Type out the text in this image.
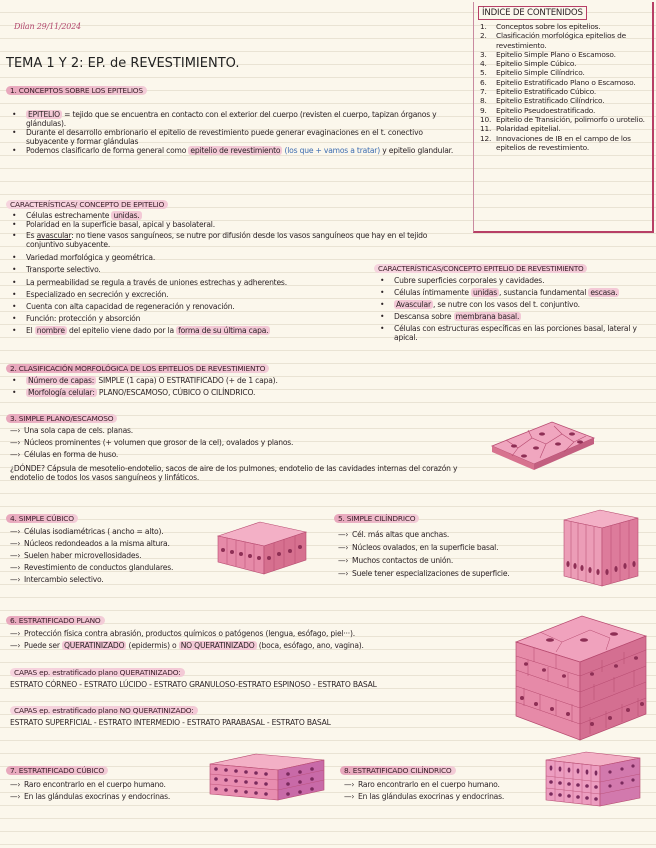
Dilan 29/11/2024
TEMA 1 Y 2: EP. de REVESTIMIENTO.
ÍNDICE DE CONTENIDOS
1. Conceptos sobre los epitelios.
2. Clasificación morfológica epitelios de revestimiento.
3. Epitelio Simple Plano o Escamoso.
4. Epitelio Simple Cúbico.
5. Epitelio Simple Cilíndrico.
6. Epitelio Estratificado Plano o Escamoso.
7. Epitelio Estratificado Cúbico.
8. Epitelio Estratificado Cilíndrico.
9. Epitelio Pseudoestratificado.
10. Epitelio de Transición, polimorfo o urotelio.
11. Polaridad epitelial.
12. Innovaciones de IB en el campo de los epitelios de revestimiento.
1. CONCEPTOS SOBRE LOS EPITELIOS
• EPITELIO = tejido que se encuentra en contacto con el exterior del cuerpo (revisten el cuerpo, tapizan órganos y glándulas).
• Durante el desarrollo embrionario el epitelio de revestimiento puede generar evaginaciones en el t. conectivo subyacente y formar glándulas
• Podemos clasificarlo de forma general como epitelio de revestimiento (los que + vamos a tratar) y epitelio glandular.
CARACTERÍSTICAS/ CONCEPTO DE EPITELIO
• Células estrechamente unidas.
• Polaridad en la superficie basal, apical y basolateral.
• Es avascular: no tiene vasos sanguíneos, se nutre por difusión desde los vasos sanguíneos que hay en el tejido conjuntivo subyacente.
• Variedad morfológica y geométrica.
• Transporte selectivo.
• La permeabilidad se regula a través de uniones estrechas y adherentes.
• Especializado en secreción y excreción.
• Cuenta con alta capacidad de regeneración y renovación.
• Función: protección y absorción
• El nombre del epitelio viene dado por la forma de su última capa.
CARACTERÍSTICAS/CONCEPTO EPITELIO DE REVESTIMIENTO
• Cubre superficies corporales y cavidades.
• Células íntimamente unidas , sustancia fundamental escasa.
• Avascular , se nutre con los vasos del t. conjuntivo.
• Descansa sobre membrana basal.
• Células con estructuras específicas en las porciones basal, lateral y apical.
2. CLASIFICACIÓN MORFOLÓGICA DE LOS EPITELIOS DE REVESTIMIENTO
• Número de capas: SIMPLE (1 capa) O ESTRATIFICADO (+ de 1 capa).
• Morfología celular: PLANO/ESCAMOSO, CÚBICO O CILÍNDRICO.
3. SIMPLE PLANO/ESCAMOSO
—› Una sola capa de cels. planas.
—› Núcleos prominentes (+ volumen que grosor de la cel), ovalados y planos.
—› Células en forma de huso.
¿DÓNDE? Cápsula de mesotelio-endotelio, sacos de aire de los pulmones, endotelio de las cavidades internas del corazón y endotelio de todos los vasos sanguíneos y linfáticos.
4. SIMPLE CÚBICO
—› Células isodiamétricas ( ancho = alto).
—› Núcleos redondeados a la misma altura.
—› Suelen haber microvellosidades.
—› Revestimiento de conductos glandulares.
—› Intercambio selectivo.
5. SIMPLE CILÍNDRICO
—› Cél. más altas que anchas.
—› Núcleos ovalados, en la superficie basal.
—› Muchos contactos de unión.
—› Suele tener especializaciones de superficie.
6. ESTRATIFICADO PLANO
—› Protección física contra abrasión, productos químicos o patógenos (lengua, esófago, piel···).
—› Puede ser QUERATINIZADO (epidermis) o NO QUERATINIZADO (boca, esófago, ano, vagina).
CAPAS ep. estratificado plano QUERATINIZADO:
ESTRATO CÓRNEO - ESTRATO LÚCIDO - ESTRATO GRANULOSO-ESTRATO ESPINOSO - ESTRATO BASAL
CAPAS ep. estratificado plano NO QUERATINIZADO:
ESTRATO SUPERFICIAL - ESTRATO INTERMEDIO - ESTRATO PARABASAL - ESTRATO BASAL
7. ESTRATIFICADO CÚBICO
—› Raro encontrarlo en el cuerpo humano.
—› En las glándulas exocrinas y endocrinas.
8. ESTRATIFICADO CILÍNDRICO
—› Raro encontrarlo en el cuerpo humano.
—› En las glándulas exocrinas y endocrinas.
